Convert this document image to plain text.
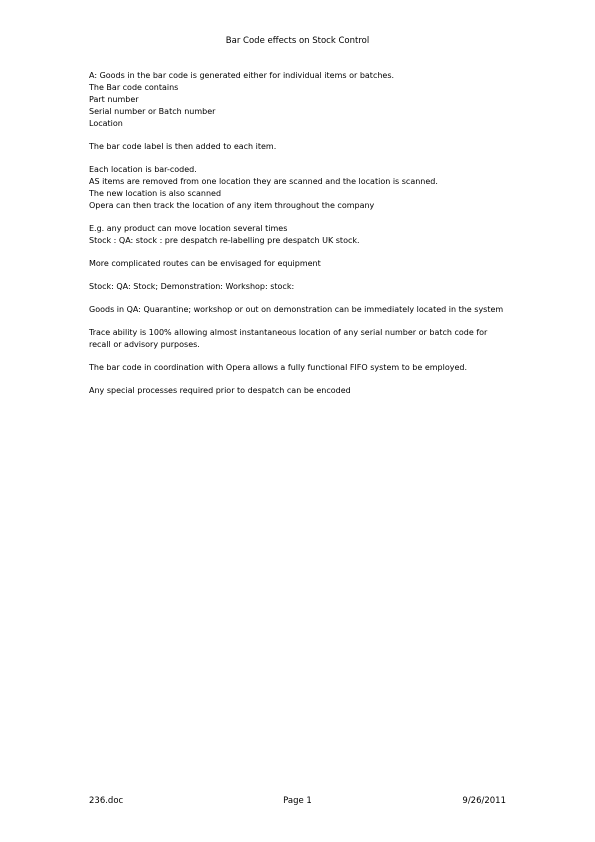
Bar Code effects on Stock Control
A: Goods in the bar code is generated either for individual items or batches.
The Bar code contains
Part number
Serial number or Batch number
Location
The bar code label is then added to each item.
Each location is bar-coded.
AS items are removed from one location they are scanned and the location is scanned.
The new location is also scanned
Opera can then track the location of any item throughout the company
E.g. any product can move location several times
Stock : QA: stock : pre despatch re-labelling pre despatch UK stock.
More complicated routes can be envisaged for equipment
Stock: QA: Stock; Demonstration: Workshop: stock:
Goods in QA: Quarantine; workshop or out on demonstration can be immediately located in the system
Trace ability is 100% allowing almost instantaneous location of any serial number or batch code for recall or advisory purposes.
The bar code in coordination with Opera allows a fully functional FIFO system to be employed.
Any special processes required prior to despatch can be encoded
236.doc	Page 1	9/26/2011
